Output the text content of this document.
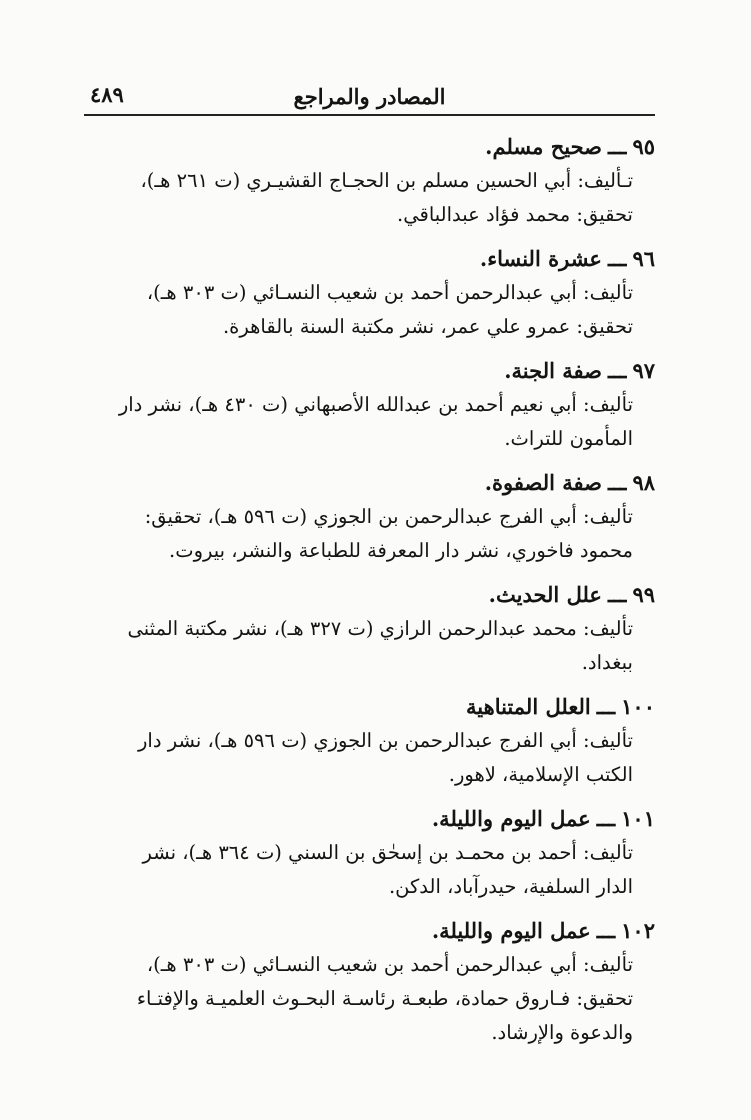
المصادر والمراجع
٤٨٩
٩٥ـــصحيح مسلم.
تـأليف: أبي الحسين مسلم بن الحجـاج القشيـري (ت ٢٦١ هـ)،
تحقيق: محمد فؤاد عبدالباقي.
٩٦ـــعشرة النساء.
تأليف: أبي عبدالرحمن أحمد بن شعيب النسـائي (ت ٣٠٣ هـ)،
تحقيق: عمرو علي عمر، نشر مكتبة السنة بالقاهرة.
٩٧ـــصفة الجنة.
تأليف: أبي نعيم أحمد بن عبدالله الأصبهاني (ت ٤٣٠ هـ)، نشر دار
المأمون للتراث.
٩٨ـــصفة الصفوة.
تأليف: أبي الفرج عبدالرحمن بن الجوزي (ت ٥٩٦ هـ)، تحقيق:
محمود فاخوري، نشر دار المعرفة للطباعة والنشر، بيروت.
٩٩ـــعلل الحديث.
تأليف: محمد عبدالرحمن الرازي (ت ٣٢٧ هـ)، نشر مكتبة المثنى
ببغداد.
١٠٠ـــالعلل المتناهية
تأليف: أبي الفرج عبدالرحمن بن الجوزي (ت ٥٩٦ هـ)، نشر دار
الكتب الإسلامية، لاهور.
١٠١ـــعمل اليوم والليلة.
تأليف: أحمد بن محمـد بن إسحٰق بن السني (ت ٣٦٤ هـ)، نشر
الدار السلفية، حيدرآباد، الدكن.
١٠٢ـــعمل اليوم والليلة.
تأليف: أبي عبدالرحمن أحمد بن شعيب النسـائي (ت ٣٠٣ هـ)،
تحقيق: فـاروق حمادة، طبعـة رئاسـة البحـوث العلميـة والإفتـاء
والدعوة والإرشاد.
